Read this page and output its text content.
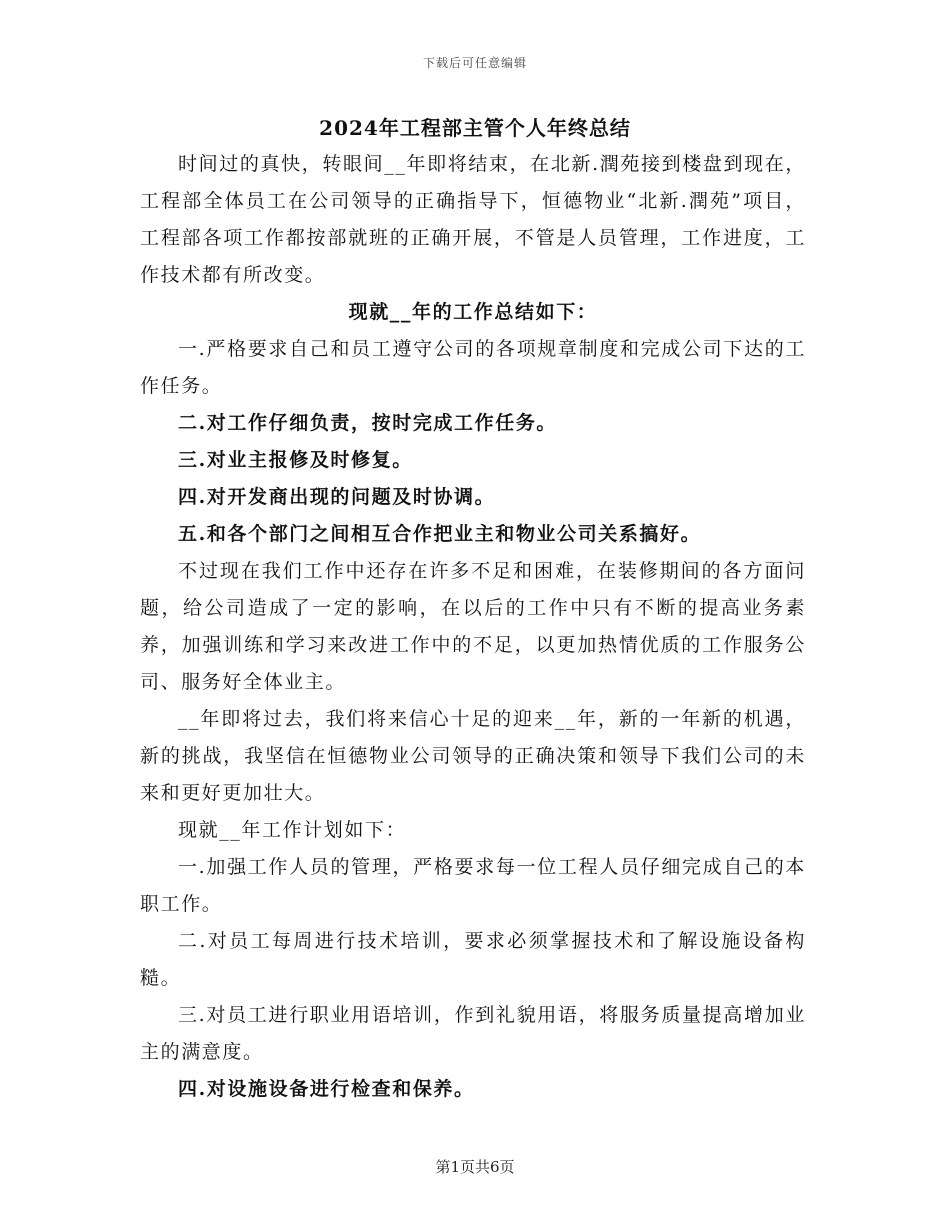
下载后可任意编辑
2024年工程部主管个人年终总结

时间过的真快，转眼间__年即将结束，在北新.潤苑接到楼盘到现在，工程部全体员工在公司领导的正确指导下，恒德物业“北新.潤苑”项目，工程部各项工作都按部就班的正确开展，不管是人员管理，工作进度，工作技术都有所改变。

现就__年的工作总结如下：

一.严格要求自己和员工遵守公司的各项规章制度和完成公司下达的工作任务。

二.对工作仔细负责，按时完成工作任务。

三.对业主报修及时修复。

四.对开发商出现的问题及时协调。

五.和各个部门之间相互合作把业主和物业公司关系搞好。

不过现在我们工作中还存在许多不足和困难，在装修期间的各方面问题，给公司造成了一定的影响，在以后的工作中只有不断的提高业务素养，加强训练和学习来改进工作中的不足，以更加热情优质的工作服务公司、服务好全体业主。

__年即将过去，我们将来信心十足的迎来__年，新的一年新的机遇，新的挑战，我坚信在恒德物业公司领导的正确决策和领导下我们公司的未来和更好更加壮大。

现就__年工作计划如下：

一.加强工作人员的管理，严格要求每一位工程人员仔细完成自己的本职工作。

二.对员工每周进行技术培训，要求必须掌握技术和了解设施设备构糙。

三.对员工进行职业用语培训，作到礼貌用语，将服务质量提高增加业主的满意度。

四.对设施设备进行检查和保养。

第1页共6页
